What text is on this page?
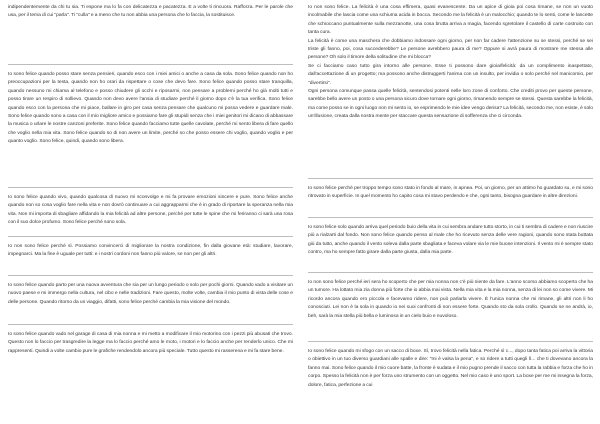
indipendentemente da chi tu sia. Ti espone ma lo fa con delicatezza e pacatezza. E a volte ti rincuora. Rafforza. Per le parole che usa, per il tema di cui "parla". Ti "culla" e a meno che tu non abbia una persona che lo faccia, la sostituisce.

Io sono felice quando posso stare senza pensieri, quando esco con i miei amici o anche a casa da sola. Sono felice quando non ho preoccupazioni per la testa, quando non ho orari da rispettare o cose che devo fare. Sono felice quando posso stare tranquilla, quando nessuno mi chiama al telefono e posso chiudere gli occhi e riposarmi, non pensare a problemi perché ho già molti tutti e posso tirare un respiro di sollievo. Quando non devo avere l'ansia di studiare perché il giorno dopo c'è la tua verifica. Sono felice quando esco con la persona che mi piace, ballare in giro per casa senza pensare che qualcuno mi possa vedere e guardare male. Sono felice quando sono a casa con il mio migliore amico e possiamo fare gli stupidi senza che i miei genitori mi dicano di abbassare la musica o urlare le nostre canzoni preferite. Sono felice quando facciamo tutte quelle cavolate, perché mi sento libera di fare quello che voglio nella mia vita. Sono felice quando so di non avere un limite, perché so che posso essere chi voglio, quando voglio e per quanto voglio. Sono felice, quindi, quando sono libera.

Io sono felice quando vivo, quando qualcosa di nuovo mi sconvolge e mi fa provare emozioni sincere e pure. Sono felice anche quando non so cosa voglio fare nella vita e non dovrò continuare a cui aggrapparmi che è in grado di riportare la speranza nella mia vita. Non mi importa di sbagliare affidando la mia felicità ad altre persone, perché per tutte le spine che mi feriranno ci sarà una rosa con il suo dolce profumo. Sono felice perché sono sola.

Io non sono felice perché sì. Possiamo convincerci di migliorare la nostra condizione, fin dalla giovane età: studiare, lavorare, impegnarci. Ma la fine è uguale per tutti: e i nostri cordoni non fanno più valore, se non per gli altri.

Io sono felice quando parto per una nuova avventura che sia per un lungo periodo o solo per pochi giorni. Quando vado a visitare un nuovo paese e mi immergo nella cultura, nel cibo e nelle tradizioni. Fare questo, molte volte, cambia il mio punto di vista delle cose e delle persone. Quando ritorno da un viaggio, difatti, sono felice perché cambia la mia visione del mondo.

Io sono felice quando vado nel garage di casa di mia nonna e mi metto a modificare il mio motorino con i pezzi più abusati che trovo. Questo non lo faccio per trasgredire la legge ma lo faccio perché amo le moto, i motori e lo faccio anche per renderlo unico. Che mi rappresenti. Quindi a volte cambio pure le grafiche rendendolo ancora più speciale. Tutto questo mi rasserena e mi fa stare bene.

Io non sono felice. La felicità è una cosa effimera, quasi evanescente. Da un apice di gioia poi cosa rimane, se non un vuoto incolmabile che lascia come una schiuma acida in bocca. Secondo me la felicità è un malocchio; quando te lo senti, come le lancette che schioccano puntualmente sulla mezzanotte, una cosa brutta arriva a magia, facendo sgretolare il castello di carte costruito con tanta cura.

La felicità è come una maschera che dobbiamo indossare ogni giorno, per non far cadere l'attenzione su se stessi, perché se sei triste gli fanno, poi, cosa succederebbe? Le persone avrebbero paura di me? Oppure si avrà paura di mostrare me stessa alle persone? Oh solo il timore della solitudine che mi blocca?

Se ci facciamo caso tutto gira intorno alle persone. Esse ti possono dare gioia/felicità: da un complimento inaspettato, dall'accettazione di un progetto; ma possono anche distruggerti l'anima con un insulto, per invidia o solo perché nel manicomio, per "divertirsi".

Ogni persona comunque passa quelle felicità, sentendosi potenti nelle loro zone di conforto. Che crediti provo per queste persone, sarebbe bello avere un posto o una persona sicuro dove tornare ogni giorno, rimanendo sempre se stessi. Questa sarebbe la felicità, ma come posso se in ogni luogo non mi sento io, se esprimendo le mie idee vengo derisa? La felicità, secondo me, non esiste, è solo un'illusione, creata dalla nostra mente per staccare questa sensazione di sofferenza che ci circonda.

Io sono felice perché per troppo tempo sono stato in fondo al mare, in apnea. Poi, un giorno, per un attimo ho guardato su, e mi sono ritrovato in superficie. In quel momento ho capito cosa mi stavo perdendo e che, ogni tanto, bisogna guardare in altre direzioni.

Io sono felice solo quando arriva quel periodo buio della vita in cui sembra andare tutto storto, in cui ti sembra di cadere e non riuscire più a rialzarti dal fondo. Non sono felice quando penso al male che ho ricevuto senza delle vere ragioni, quando sono stata buttata giù da tutto, anche quando il vento soleva dalla parte sbagliata e faceva volare via le mie buone intenzioni. Il vento mi è sempre stato contro, ma ho sempre fatto girare dalla parte giusta, dalla mia parte.

Io non sono felice perché ieri sera ho scoperto che per mia nonna non c'è più niente da fare. L'anno scorso abbiamo scoperto che ha un tumore. Ha lottato mia zia donna più forte che io abbia mai vista. Nella mia vita e la mia nonna, senza di lei non so come vivere. Mi ricordo ancora quando ero piccola e facevamo ridere, non può parlarla vivere. È l'unica nonna che mi rimane, gli altri non li ho conosciuti. Lei non è la sola in quando io nei suoi confronti di non essere forte. Quando sto da sola crollo. Quando se ne andrà, io, beh, sarà la mia stella più bella e luminosa in un cielo buio e nuvoloso.

Io sono felice quando mi sfogo con un sacco di boxe. Sì, trovo felicità nella fatica. Perché sì c..., dopo tanta fatica poi arriva la vittoria o obiettivo in un tuo diverso guardiani alle spalle e dire: "mi è valsa la pena", e so ridere a tutti quegli lì... che ti dovevano ancora la fanno mai. Sono felice quando il mio cuore batte, la fronte è sudata e il mio pugno prende il sacco con tutta la rabbia e forza che ho in corpo. Spesso la felicità non è per forza uno strumento con un oggetto. Nel mio caso è uno sport. La boxe per me mi insegna la forza, dolore, fatica, perfezione a cui
